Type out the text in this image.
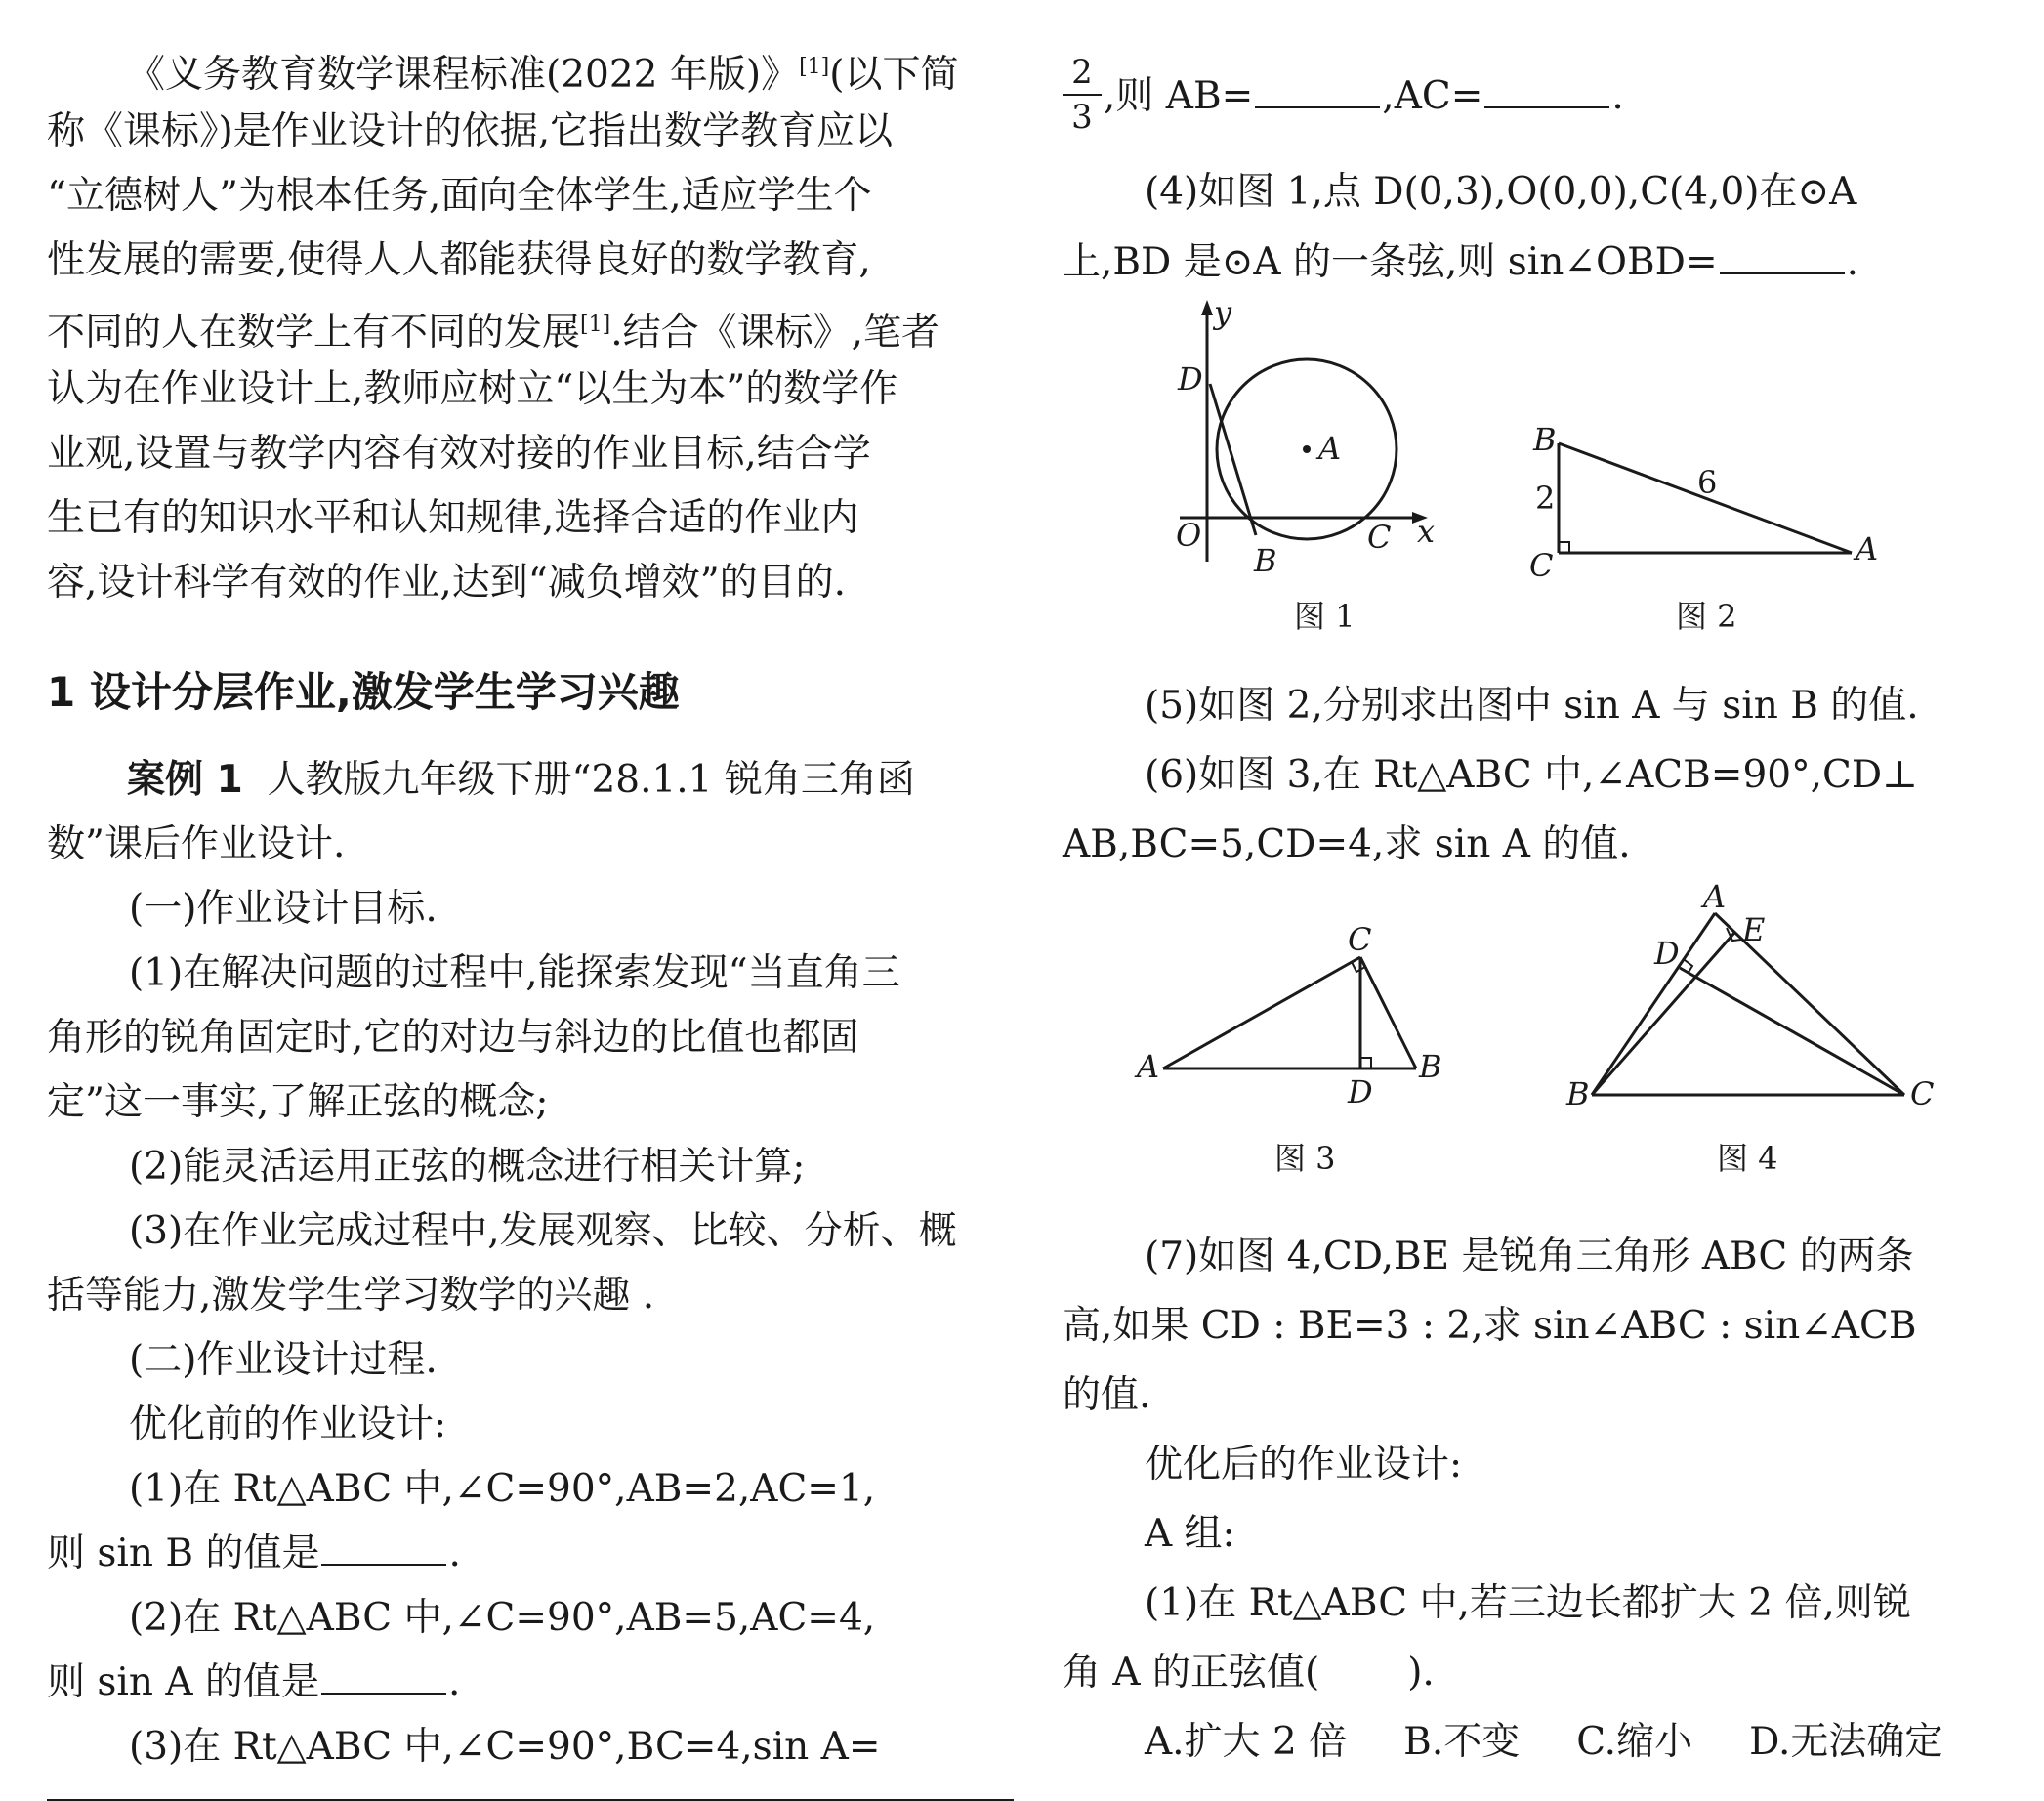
《义务教育数学课程标准(2022 年版)》[1](以下简
称《课标》)是作业设计的依据,它指出数学教育应以
“立德树人”为根本任务,面向全体学生,适应学生个
性发展的需要,使得人人都能获得良好的数学教育,
不同的人在数学上有不同的发展[1].结合《课标》,笔者
认为在作业设计上,教师应树立“以生为本”的数学作
业观,设置与教学内容有效对接的作业目标,结合学
生已有的知识水平和认知规律,选择合适的作业内
容,设计科学有效的作业,达到“减负增效”的目的.
1 设计分层作业,激发学生学习兴趣
案例 1 人教版九年级下册“28.1.1 锐角三角函
数”课后作业设计.
(一)作业设计目标.
(1)在解决问题的过程中,能探索发现“当直角三
角形的锐角固定时,它的对边与斜边的比值也都固
定”这一事实,了解正弦的概念;
(2)能灵活运用正弦的概念进行相关计算;
(3)在作业完成过程中,发展观察、比较、分析、概
括等能力,激发学生学习数学的兴趣 .
(二)作业设计过程.
优化前的作业设计:
(1)在 Rt△ABC 中,∠C=90°,AB=2,AC=1,
则 sin B 的值是	.
(2)在 Rt△ABC 中,∠C=90°,AB=5,AC=4,
则 sin A 的值是	.
(3)在 Rt△ABC 中,∠C=90°,BC=4,sin A=
$\frac{2}{3}$ ,则 AB=	,AC=	.
(4)如图 1,点 D(0,3),O(0,0),C(4,0)在⊙A
上,BD 是⊙A 的一条弦,则 sin∠OBD=	.
y
x
D
A
O
B
C
图 1
B
C	A
2	6
图 2
(5)如图 2,分别求出图中 sin A 与 sin B 的值.
(6)如图 3,在 Rt△ABC 中,∠ACB=90°,CD⊥
AB,BC=5,CD=4,求 sin A 的值.
A	B
C
D
图 3
A
B	C
D
E
图 4
(7)如图 4,CD,BE 是锐角三角形 ABC 的两条
高,如果 CD : BE=3 : 2,求 sin∠ABC : sin∠ACB
的值.
优化后的作业设计:
A 组:
(1)在 Rt△ABC 中,若三边长都扩大 2 倍,则锐
角 A 的正弦值( ).
A.扩大 2 倍 B.不变 C.缩小 D.无法确定
